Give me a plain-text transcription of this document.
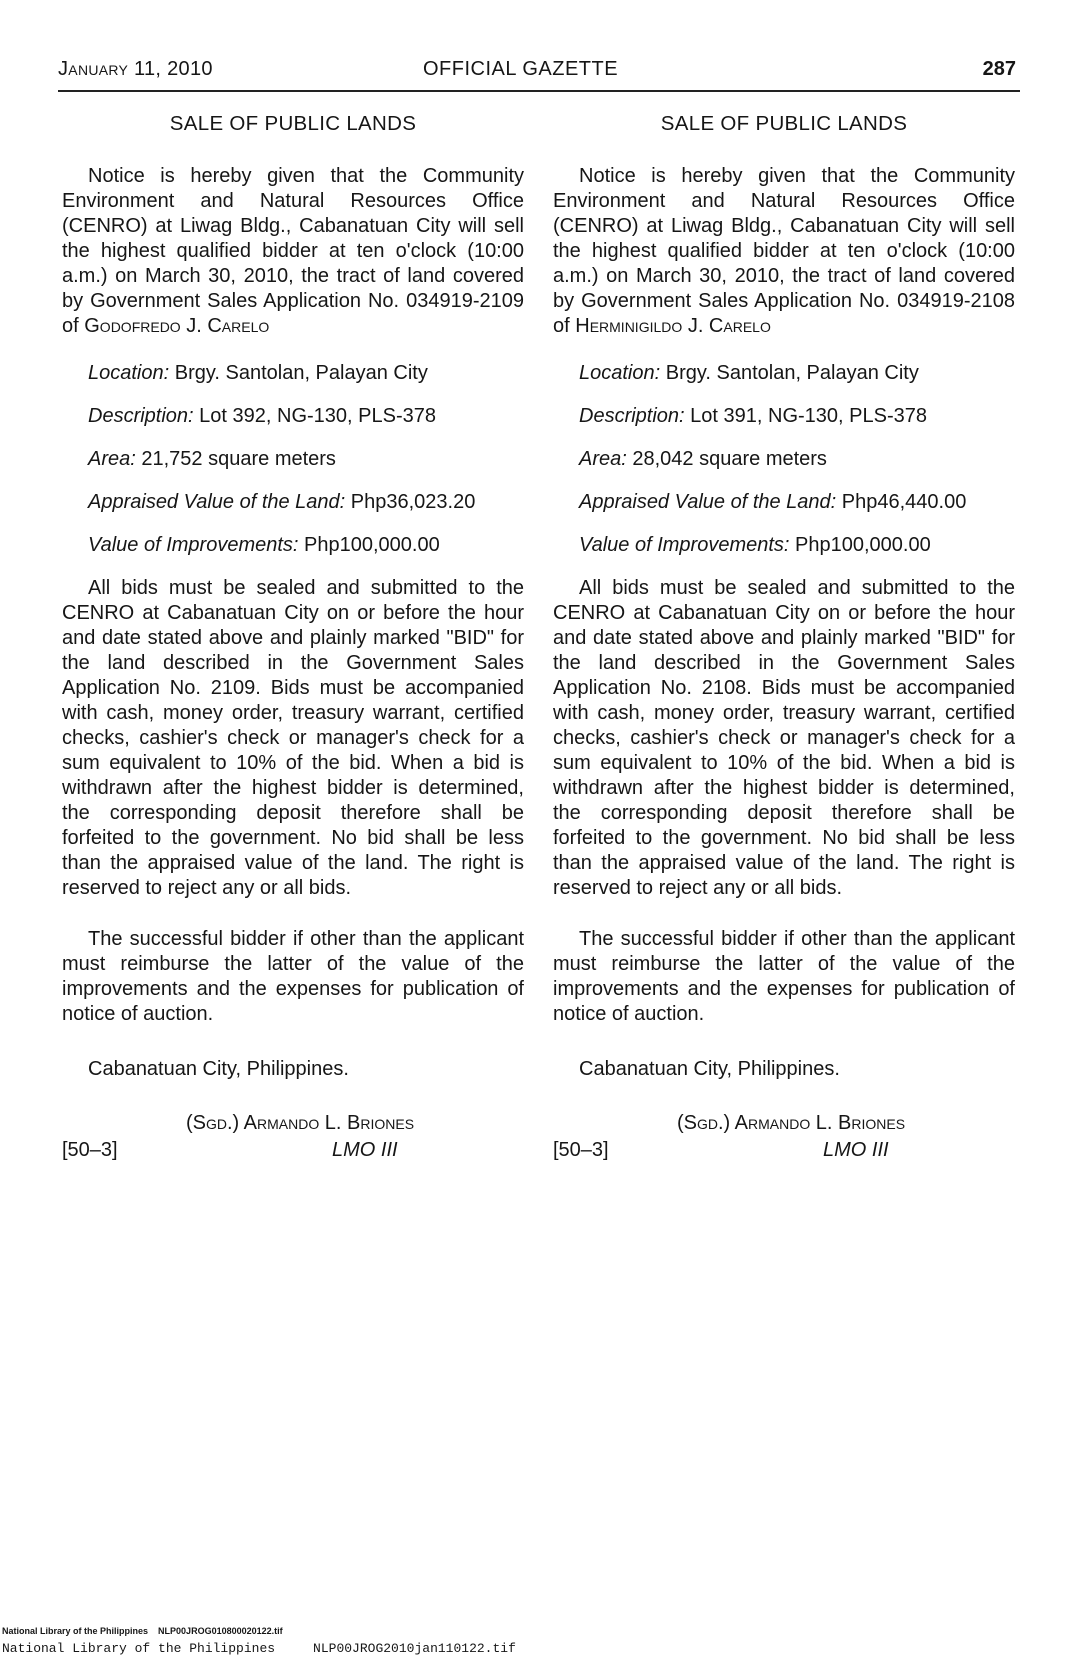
January 11, 2010	OFFICIAL GAZETTE	287
SALE OF PUBLIC LANDS

Notice is hereby given that the Community Environment and Natural Resources Office (CENRO) at Liwag Bldg., Cabanatuan City will sell the highest qualified bidder at ten o'clock (10:00 a.m.) on March 30, 2010, the tract of land covered by Government Sales Application No. 034919-2109 of Godofredo J. Carelo

Location: Brgy. Santolan, Palayan City
Description: Lot 392, NG-130, PLS-378
Area: 21,752 square meters
Appraised Value of the Land: Php36,023.20
Value of Improvements: Php100,000.00

All bids must be sealed and submitted to the CENRO at Cabanatuan City on or before the hour and date stated above and plainly marked "BID" for the land described in the Government Sales Application No. 2109. Bids must be accompanied with cash, money order, treasury warrant, certified checks, cashier's check or manager's check for a sum equivalent to 10% of the bid. When a bid is withdrawn after the highest bidder is determined, the corresponding deposit therefore shall be forfeited to the government. No bid shall be less than the appraised value of the land. The right is reserved to reject any or all bids.

The successful bidder if other than the applicant must reimburse the latter of the value of the improvements and the expenses for publication of notice of auction.

Cabanatuan City, Philippines.
(Sgd.) Armando L. Briones
[50–3]	LMO III
SALE OF PUBLIC LANDS

Notice is hereby given that the Community Environment and Natural Resources Office (CENRO) at Liwag Bldg., Cabanatuan City will sell the highest qualified bidder at ten o'clock (10:00 a.m.) on March 30, 2010, the tract of land covered by Government Sales Application No. 034919-2108 of Herminigildo J. Carelo

Location: Brgy. Santolan, Palayan City
Description: Lot 391, NG-130, PLS-378
Area: 28,042 square meters
Appraised Value of the Land: Php46,440.00
Value of Improvements: Php100,000.00

All bids must be sealed and submitted to the CENRO at Cabanatuan City on or before the hour and date stated above and plainly marked "BID" for the land described in the Government Sales Application No. 2108. Bids must be accompanied with cash, money order, treasury warrant, certified checks, cashier's check or manager's check for a sum equivalent to 10% of the bid. When a bid is withdrawn after the highest bidder is determined, the corresponding deposit therefore shall be forfeited to the government. No bid shall be less than the appraised value of the land. The right is reserved to reject any or all bids.

The successful bidder if other than the applicant must reimburse the latter of the value of the improvements and the expenses for publication of notice of auction.

Cabanatuan City, Philippines.
(Sgd.) Armando L. Briones
[50–3]	LMO III
National Library of the Philippines NLP00JROG010800020122.tif
National Library of the Philippines	NLP00JROG2010jan110122.tif
